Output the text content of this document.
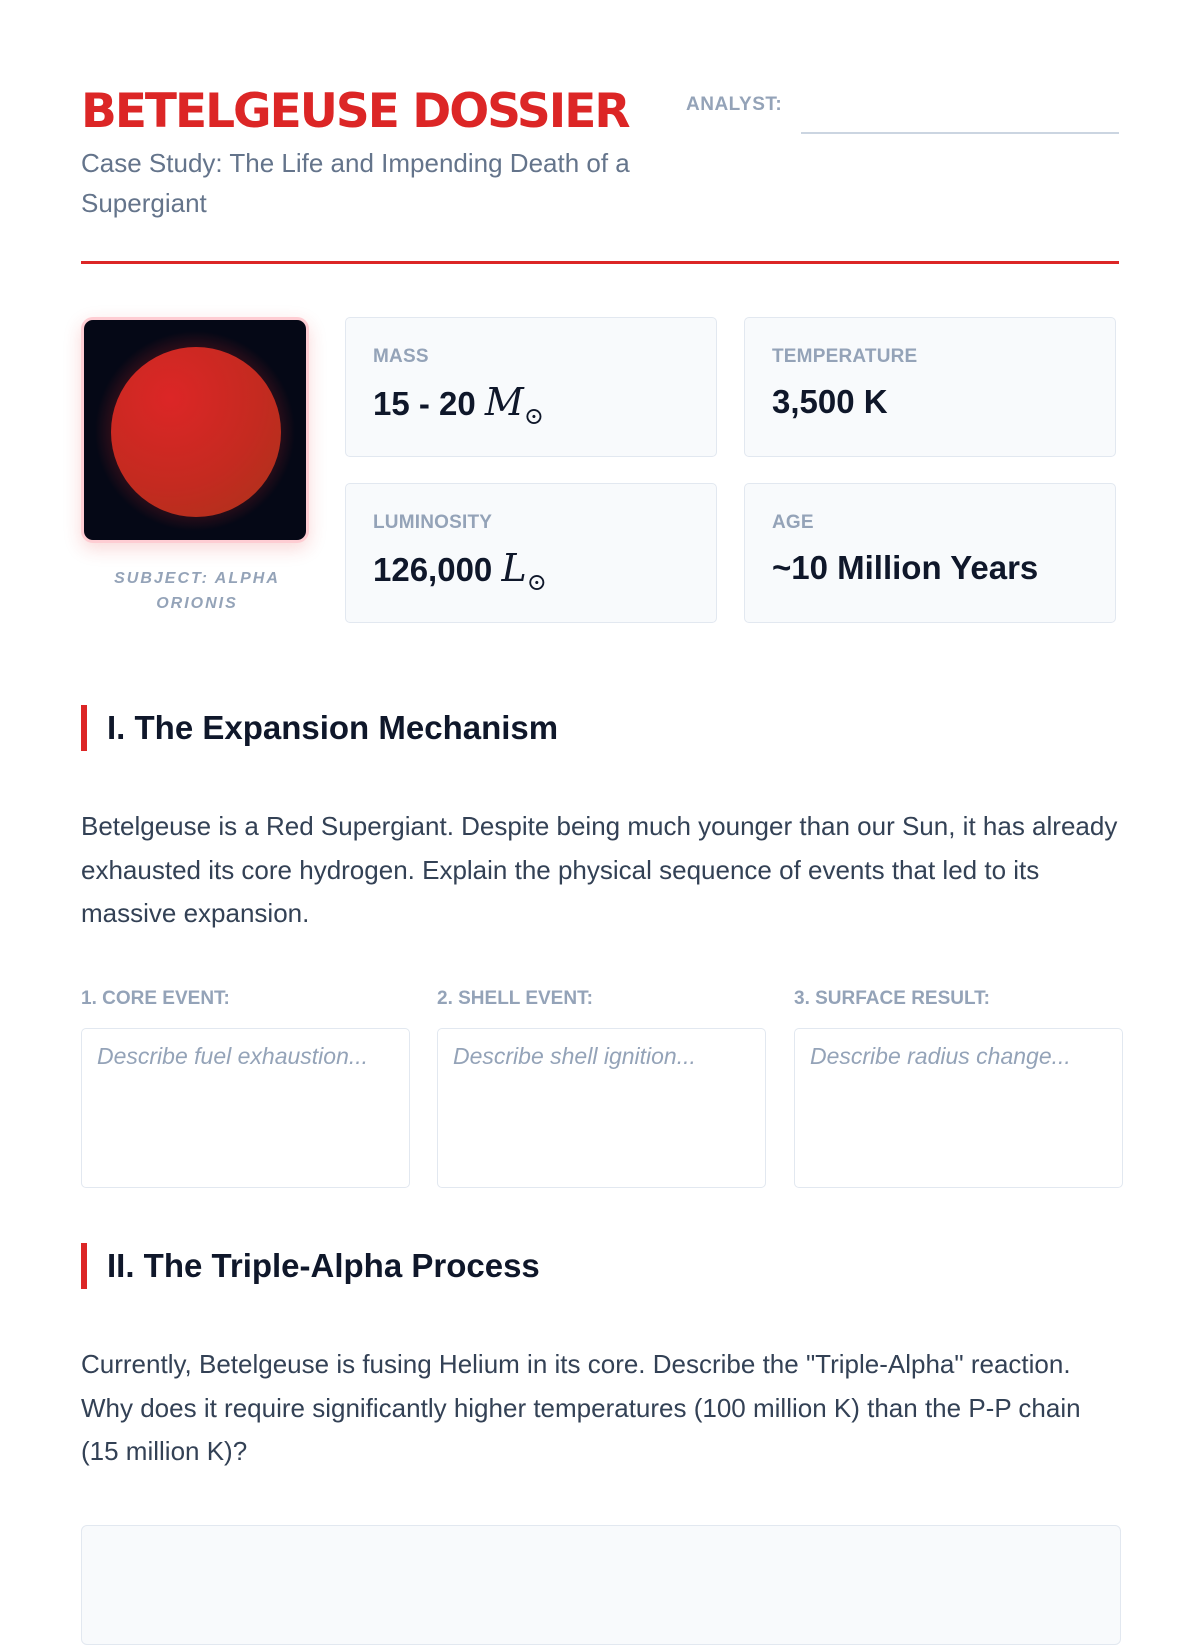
BETELGEUSE DOSSIER

Case Study: The Life and Impending Death of a Supergiant

ANALYST:
SUBJECT: ALPHA ORIONIS
MASS
15 - 20 $M_⊙$
TEMPERATURE
3,500 K
LUMINOSITY
126,000 $L_⊙$
AGE
~10 Million Years
I. The Expansion Mechanism

Betelgeuse is a Red Supergiant. Despite being much younger than our Sun, it has already exhausted its core hydrogen. Explain the physical sequence of events that led to its massive expansion.

1. CORE EVENT:
Describe fuel exhaustion...	2. SHELL EVENT:
Describe shell ignition...	3. SURFACE RESULT:
Describe radius change...
II. The Triple-Alpha Process

Currently, Betelgeuse is fusing Helium in its core. Describe the "Triple-Alpha" reaction. Why does it require significantly higher temperatures (100 million K) than the P-P chain (15 million K)?
